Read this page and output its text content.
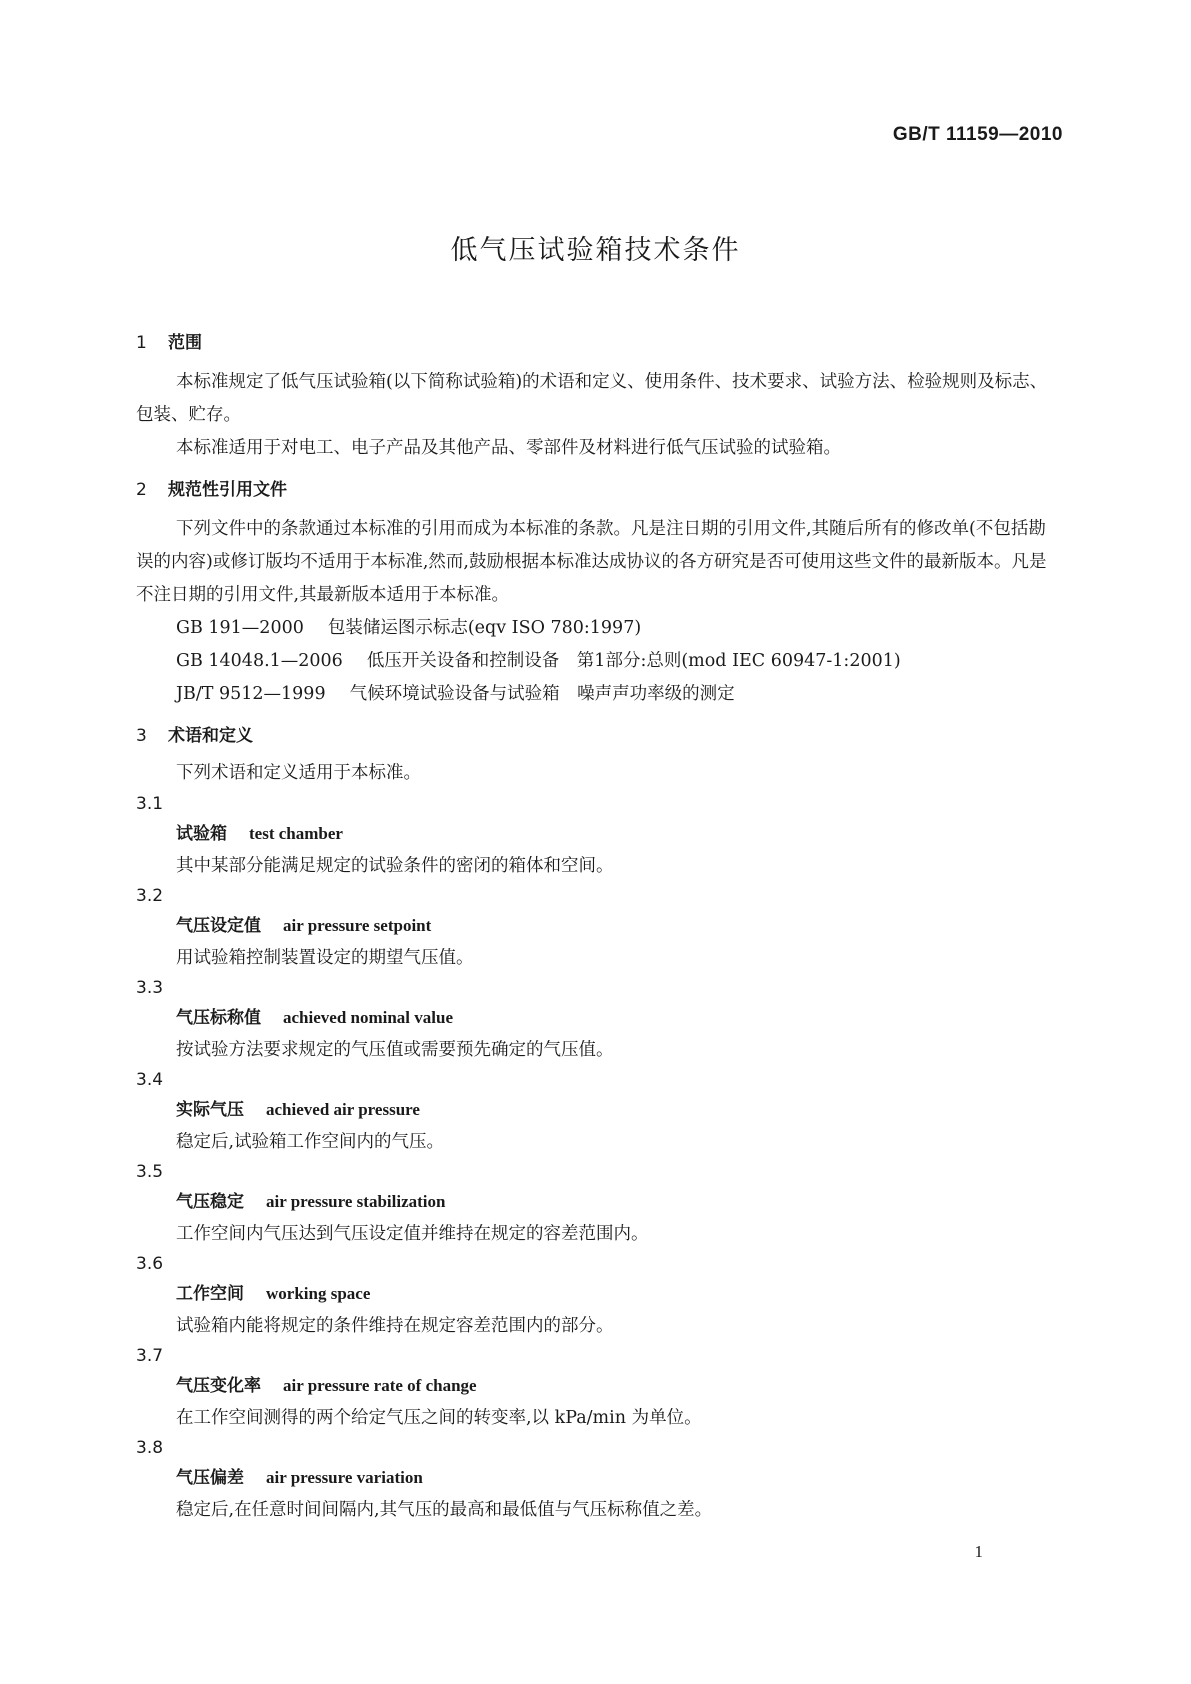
GB/T 11159—2010
低气压试验箱技术条件
1 范围

本标准规定了低气压试验箱(以下简称试验箱)的术语和定义、使用条件、技术要求、试验方法、检验规则及标志、包装、贮存。

本标准适用于对电工、电子产品及其他产品、零部件及材料进行低气压试验的试验箱。

2 规范性引用文件

下列文件中的条款通过本标准的引用而成为本标准的条款。凡是注日期的引用文件,其随后所有的修改单(不包括勘误的内容)或修订版均不适用于本标准,然而,鼓励根据本标准达成协议的各方研究是否可使用这些文件的最新版本。凡是不注日期的引用文件,其最新版本适用于本标准。

GB 191—2000 包装储运图示标志(eqv ISO 780:1997)
GB 14048.1—2006 低压开关设备和控制设备　第1部分:总则(mod IEC 60947-1:2001)
JB/T 9512—1999 气候环境试验设备与试验箱　噪声声功率级的测定
3 术语和定义

下列术语和定义适用于本标准。

3.1
试验箱 test chamber
其中某部分能满足规定的试验条件的密闭的箱体和空间。
3.2
气压设定值 air pressure setpoint
用试验箱控制装置设定的期望气压值。
3.3
气压标称值 achieved nominal value
按试验方法要求规定的气压值或需要预先确定的气压值。
3.4
实际气压 achieved air pressure
稳定后,试验箱工作空间内的气压。
3.5
气压稳定 air pressure stabilization
工作空间内气压达到气压设定值并维持在规定的容差范围内。
3.6
工作空间 working space
试验箱内能将规定的条件维持在规定容差范围内的部分。
3.7
气压变化率 air pressure rate of change
在工作空间测得的两个给定气压之间的转变率,以 kPa/min 为单位。
3.8
气压偏差 air pressure variation
稳定后,在任意时间间隔内,其气压的最高和最低值与气压标称值之差。
1
